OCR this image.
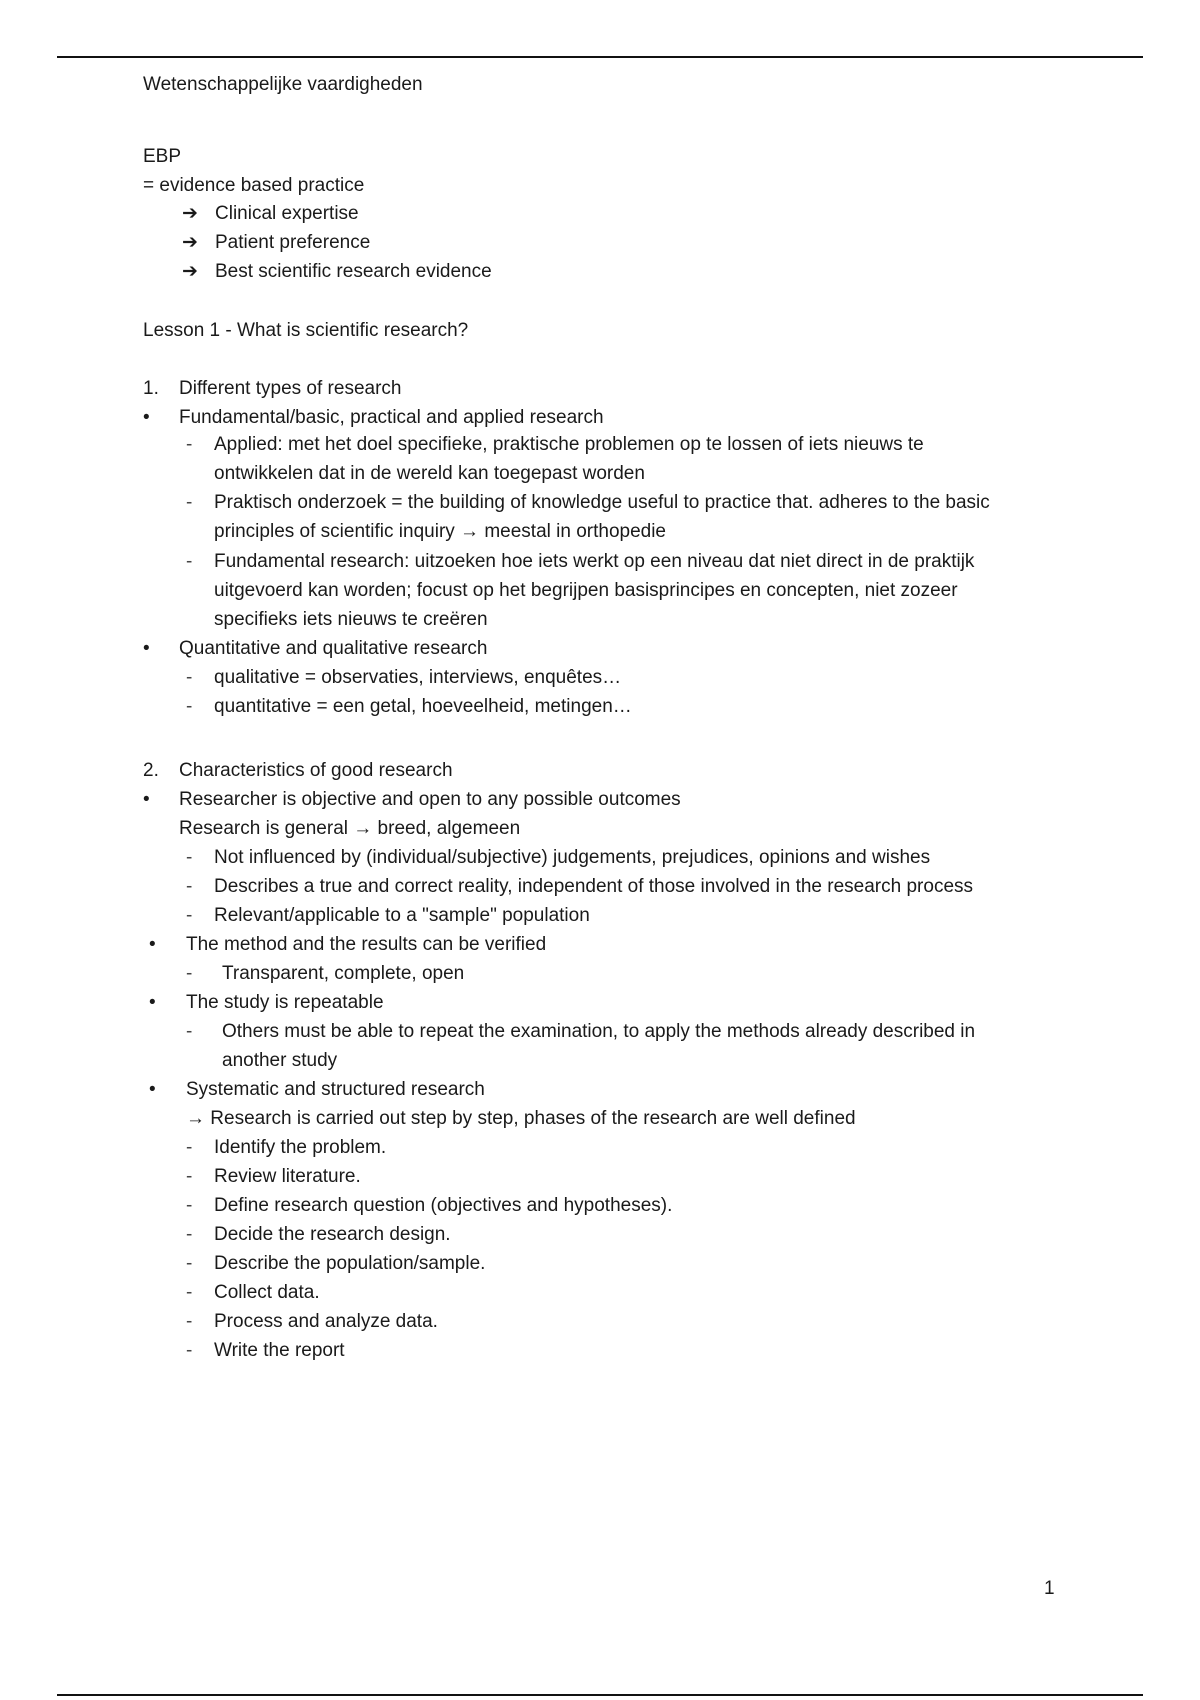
Wetenschappelijke vaardigheden
EBP
= evidence based practice
➔ Clinical expertise
➔ Patient preference
➔ Best scientific research evidence
Lesson 1 - What is scientific research?
1. Different types of research
• Fundamental/basic, practical and applied research
- Applied: met het doel specifieke, praktische problemen op te lossen of iets nieuws te
ontwikkelen dat in de wereld kan toegepast worden
- Praktisch onderzoek = the building of knowledge useful to practice that. adheres to the basic
principles of scientific inquiry → meestal in orthopedie
- Fundamental research: uitzoeken hoe iets werkt op een niveau dat niet direct in de praktijk
uitgevoerd kan worden; focust op het begrijpen basisprincipes en concepten, niet zozeer
specifieks iets nieuws te creëren
• Quantitative and qualitative research
- qualitative = observaties, interviews, enquêtes…
- quantitative = een getal, hoeveelheid, metingen…
2. Characteristics of good research
• Researcher is objective and open to any possible outcomes
Research is general → breed, algemeen
- Not influenced by (individual/subjective) judgements, prejudices, opinions and wishes
- Describes a true and correct reality, independent of those involved in the research process
- Relevant/applicable to a "sample" population
• The method and the results can be verified
- Transparent, complete, open
• The study is repeatable
- Others must be able to repeat the examination, to apply the methods already described in
another study
• Systematic and structured research
→ Research is carried out step by step, phases of the research are well defined
- Identify the problem.
- Review literature.
- Define research question (objectives and hypotheses).
- Decide the research design.
- Describe the population/sample.
- Collect data.
- Process and analyze data.
- Write the report
1
